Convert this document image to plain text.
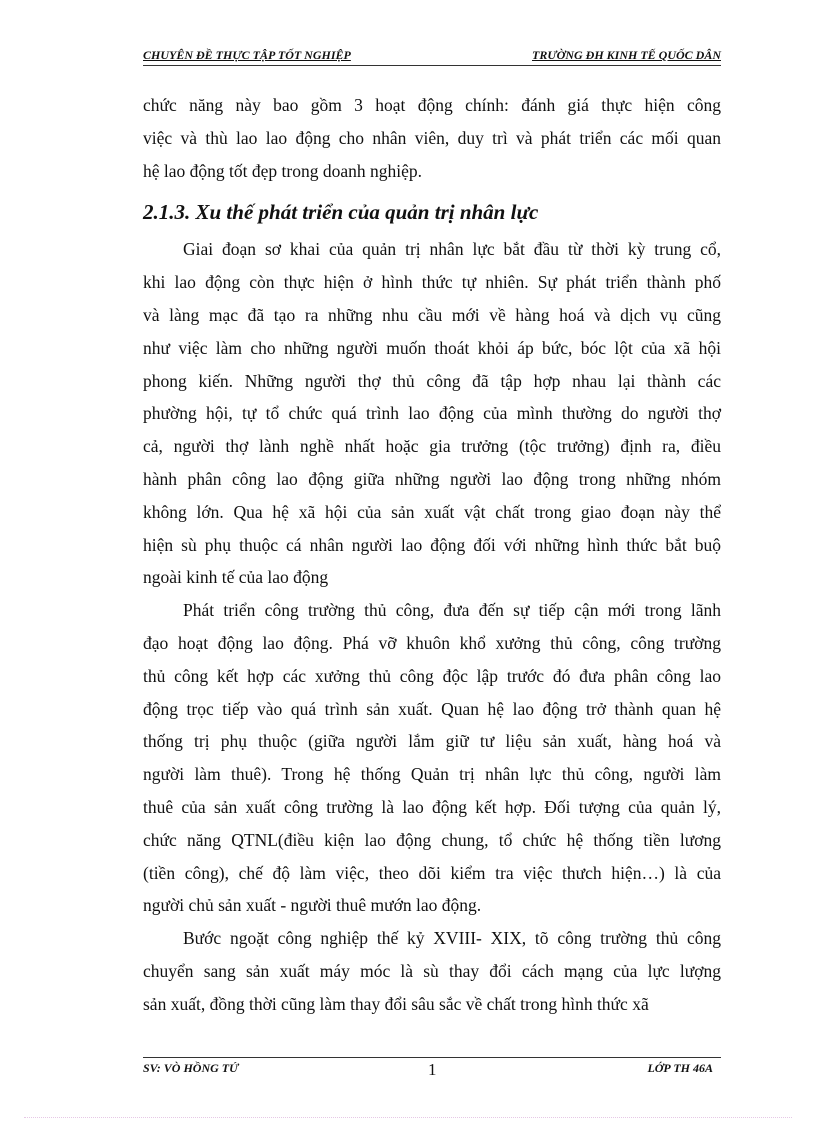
CHUYÊN ĐỀ THỰC TẬP TỐT NGHIỆP	TRƯỜNG ĐH KINH TẾ QUỐC DÂN
chức năng này bao gồm 3 hoạt động chính: đánh giá thực hiện công
việc và thù lao lao động cho nhân viên, duy trì và phát triển các mối quan
hệ lao động tốt đẹp trong doanh nghiệp.
2.1.3. Xu thế phát triển của quản trị nhân lực
Giai đoạn sơ khai của quản trị nhân lực bắt đầu từ thời kỳ trung cổ,
khi lao động còn thực hiện ở hình thức tự nhiên. Sự phát triển thành phố
và làng mạc đã tạo ra những nhu cầu mới về hàng hoá và dịch vụ cũng
như việc làm cho những người muốn thoát khỏi áp bức, bóc lột của xã hội
phong kiến. Những người thợ thủ công đã tập hợp nhau lại thành các
phường hội, tự tổ chức quá trình lao động của mình thường do người thợ
cả, người thợ lành nghề nhất hoặc gia trưởng (tộc trưởng) định ra, điều
hành phân công lao động giữa những người lao động trong những nhóm
không lớn. Qua hệ xã hội của sản xuất vật chất trong giao đoạn này thể
hiện sù phụ thuộc cá nhân người lao động đối với những hình thức bắt buộ
ngoài kinh tế của lao động
Phát triển công trường thủ công, đưa đến sự tiếp cận mới trong lãnh
đạo hoạt động lao động. Phá vỡ khuôn khổ xưởng thủ công, công trường
thủ công kết hợp các xưởng thủ công độc lập trước đó đưa phân công lao
động trọc tiếp vào quá trình sản xuất. Quan hệ lao động trở thành quan hệ
thống trị phụ thuộc (giữa người lắm giữ tư liệu sản xuất, hàng hoá và
người làm thuê). Trong hệ thống Quản trị nhân lực thủ công, người làm
thuê của sản xuất công trường là lao động kết hợp. Đối tượng của quản lý,
chức năng QTNL(điều kiện lao động chung, tổ chức hệ thống tiền lương
(tiền công), chế độ làm việc, theo dõi kiểm tra việc thưch hiện…) là của
người chủ sản xuất - người thuê mướn lao động.
Bước ngoặt công nghiệp thế kỷ XVIII- XIX, tõ công trường thủ công
chuyển sang sản xuất máy móc là sù thay đổi cách mạng của lực lượng
sản xuất, đồng thời cũng làm thay đổi sâu sắc về chất trong hình thức xã
SV: VÒ HỒNG TỨ	1	LỚP TH 46A
